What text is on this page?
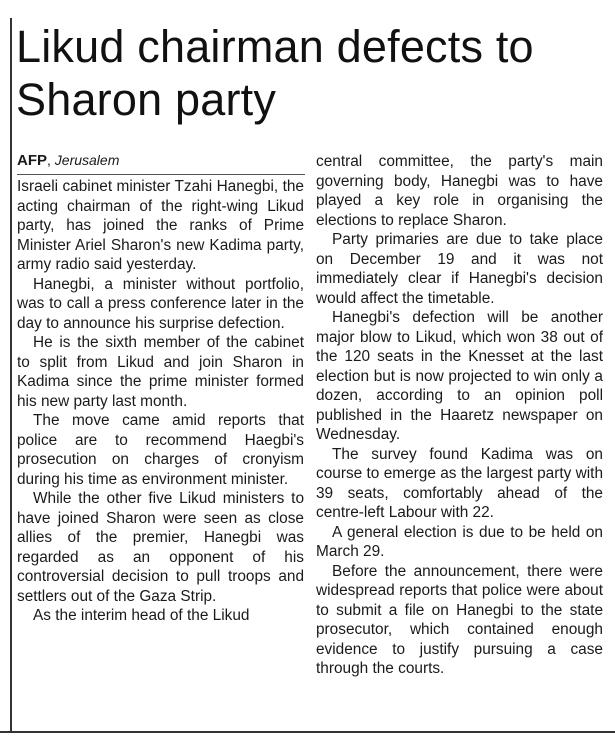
Likud chairman defects to Sharon party
AFP, Jerusalem

Israeli cabinet minister Tzahi Hanegbi, the acting chairman of the right-wing Likud party, has joined the ranks of Prime Minister Ariel Sharon's new Kadima party, army radio said yesterday.

Hanegbi, a minister without portfolio, was to call a press conference later in the day to announce his surprise defection.

He is the sixth member of the cabinet to split from Likud and join Sharon in Kadima since the prime minister formed his new party last month.

The move came amid reports that police are to recommend Haegbi's prosecution on charges of cronyism during his time as environment minister.

While the other five Likud ministers to have joined Sharon were seen as close allies of the premier, Hanegbi was regarded as an opponent of his controversial decision to pull troops and settlers out of the Gaza Strip.

As the interim head of the Likud

central committee, the party's main governing body, Hanegbi was to have played a key role in organising the elections to replace Sharon.

Party primaries are due to take place on December 19 and it was not immediately clear if Hanegbi's decision would affect the timetable.

Hanegbi's defection will be another major blow to Likud, which won 38 out of the 120 seats in the Knesset at the last election but is now projected to win only a dozen, according to an opinion poll published in the Haaretz newspaper on Wednesday.

The survey found Kadima was on course to emerge as the largest party with 39 seats, comfortably ahead of the centre-left Labour with 22.

A general election is due to be held on March 29.

Before the announcement, there were widespread reports that police were about to submit a file on Hanegbi to the state prosecutor, which contained enough evidence to justify pursuing a case through the courts.
